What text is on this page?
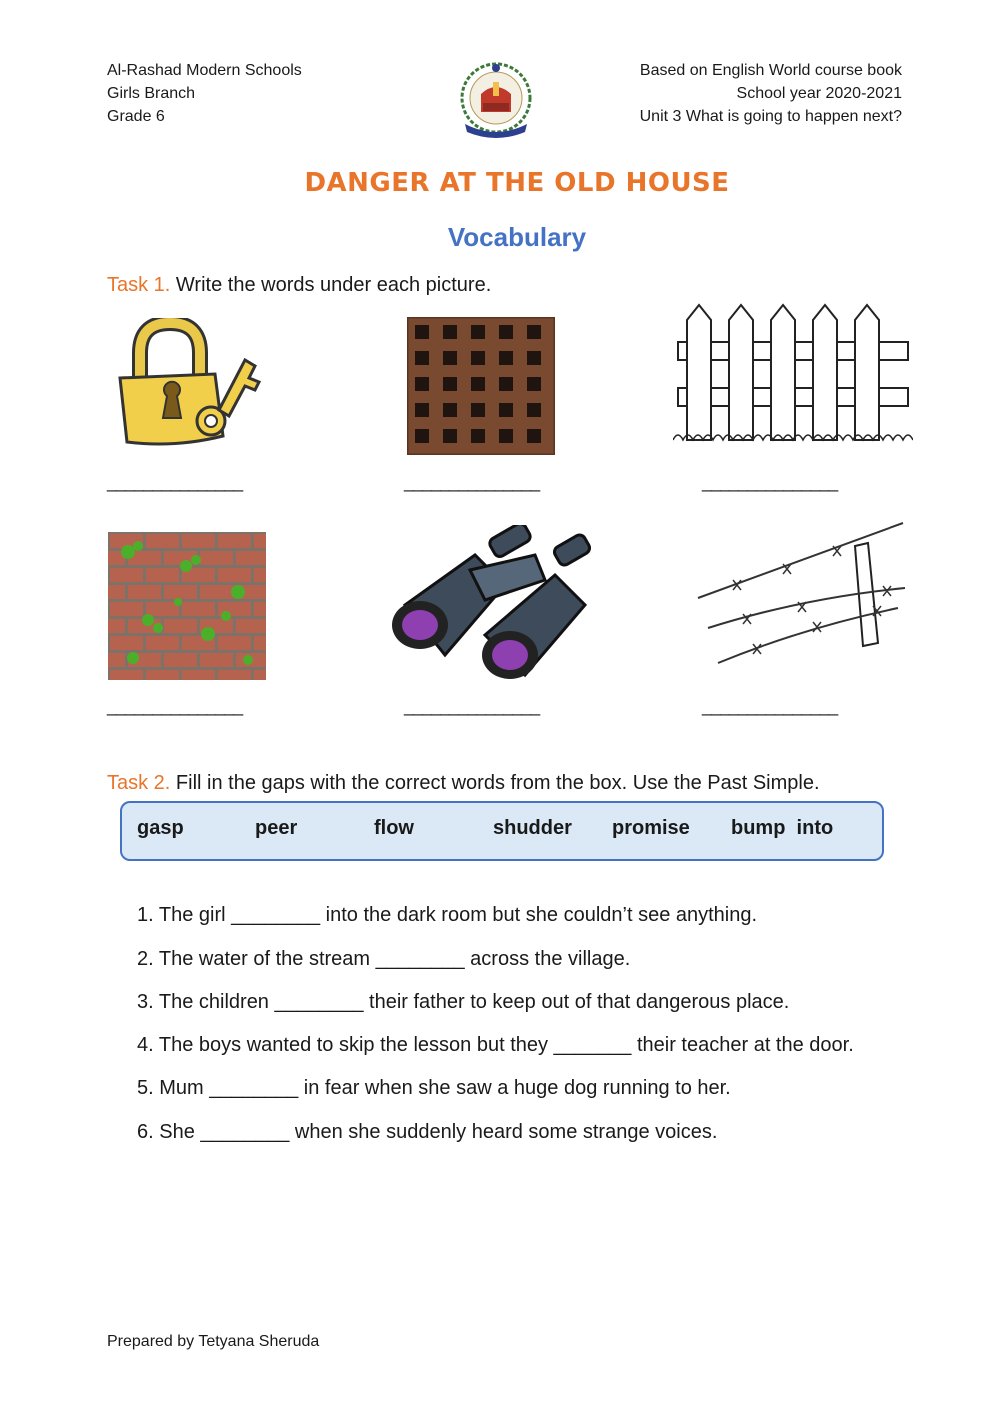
Al-Rashad Modern Schools
Girls Branch
Grade 6
Based on English World course book
School year 2020-2021
Unit 3 What is going to happen next?
DANGER AT THE OLD HOUSE
Vocabulary
Task 1. Write the words under each picture.
_______________	_______________	_______________
_______________	_______________	_______________
Task 2. Fill in the gaps with the correct words from the box. Use the Past Simple.
gasp	peer	flow	shudder promise bump  into
1. The girl ________ into the dark room but she couldn’t see anything.
2. The water of the stream ________ across the village.
3. The children ________ their father to keep out of that dangerous place.
4. The boys wanted to skip the lesson but they _______ their teacher at the door.
5. Mum ________ in fear when she saw a huge dog running to her.
6. She ________ when she suddenly heard some strange voices.
Prepared by Tetyana Sheruda
